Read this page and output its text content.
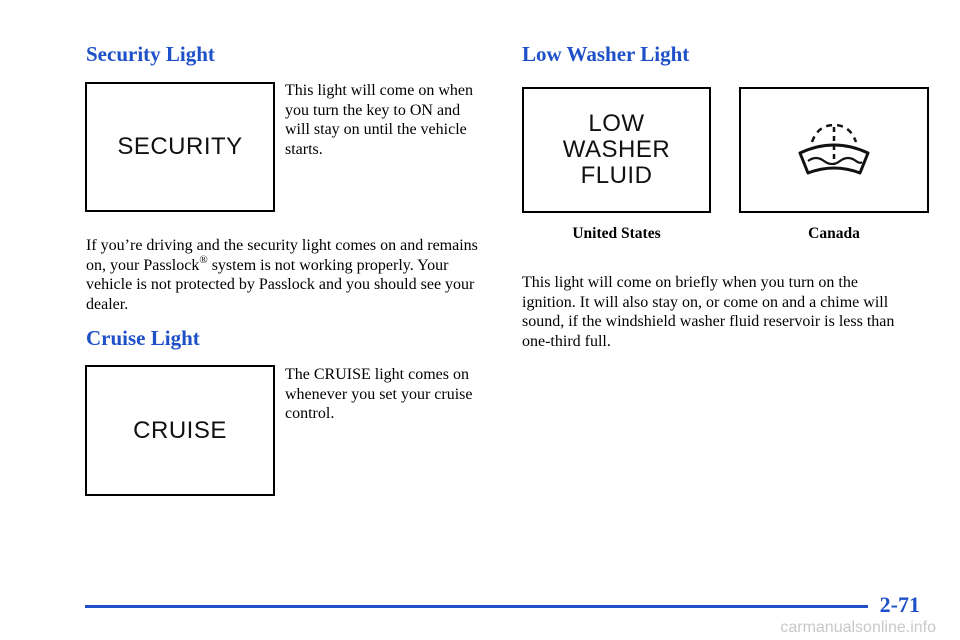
Security Light
SECURITY
This light will come on when you turn the key to ON and will stay on until the vehicle starts.
If you’re driving and the security light comes on and remains on, your Passlock® system is not working properly. Your vehicle is not protected by Passlock and you should see your dealer.
Cruise Light
CRUISE
The CRUISE light comes on whenever you set your cruise control.
Low Washer Light
LOW
WASHER
FLUID
United States	Canada
This light will come on briefly when you turn on the ignition. It will also stay on, or come on and a chime will sound, if the windshield washer fluid reservoir is less than one-third full.
2-71
carmanualsonline.info
